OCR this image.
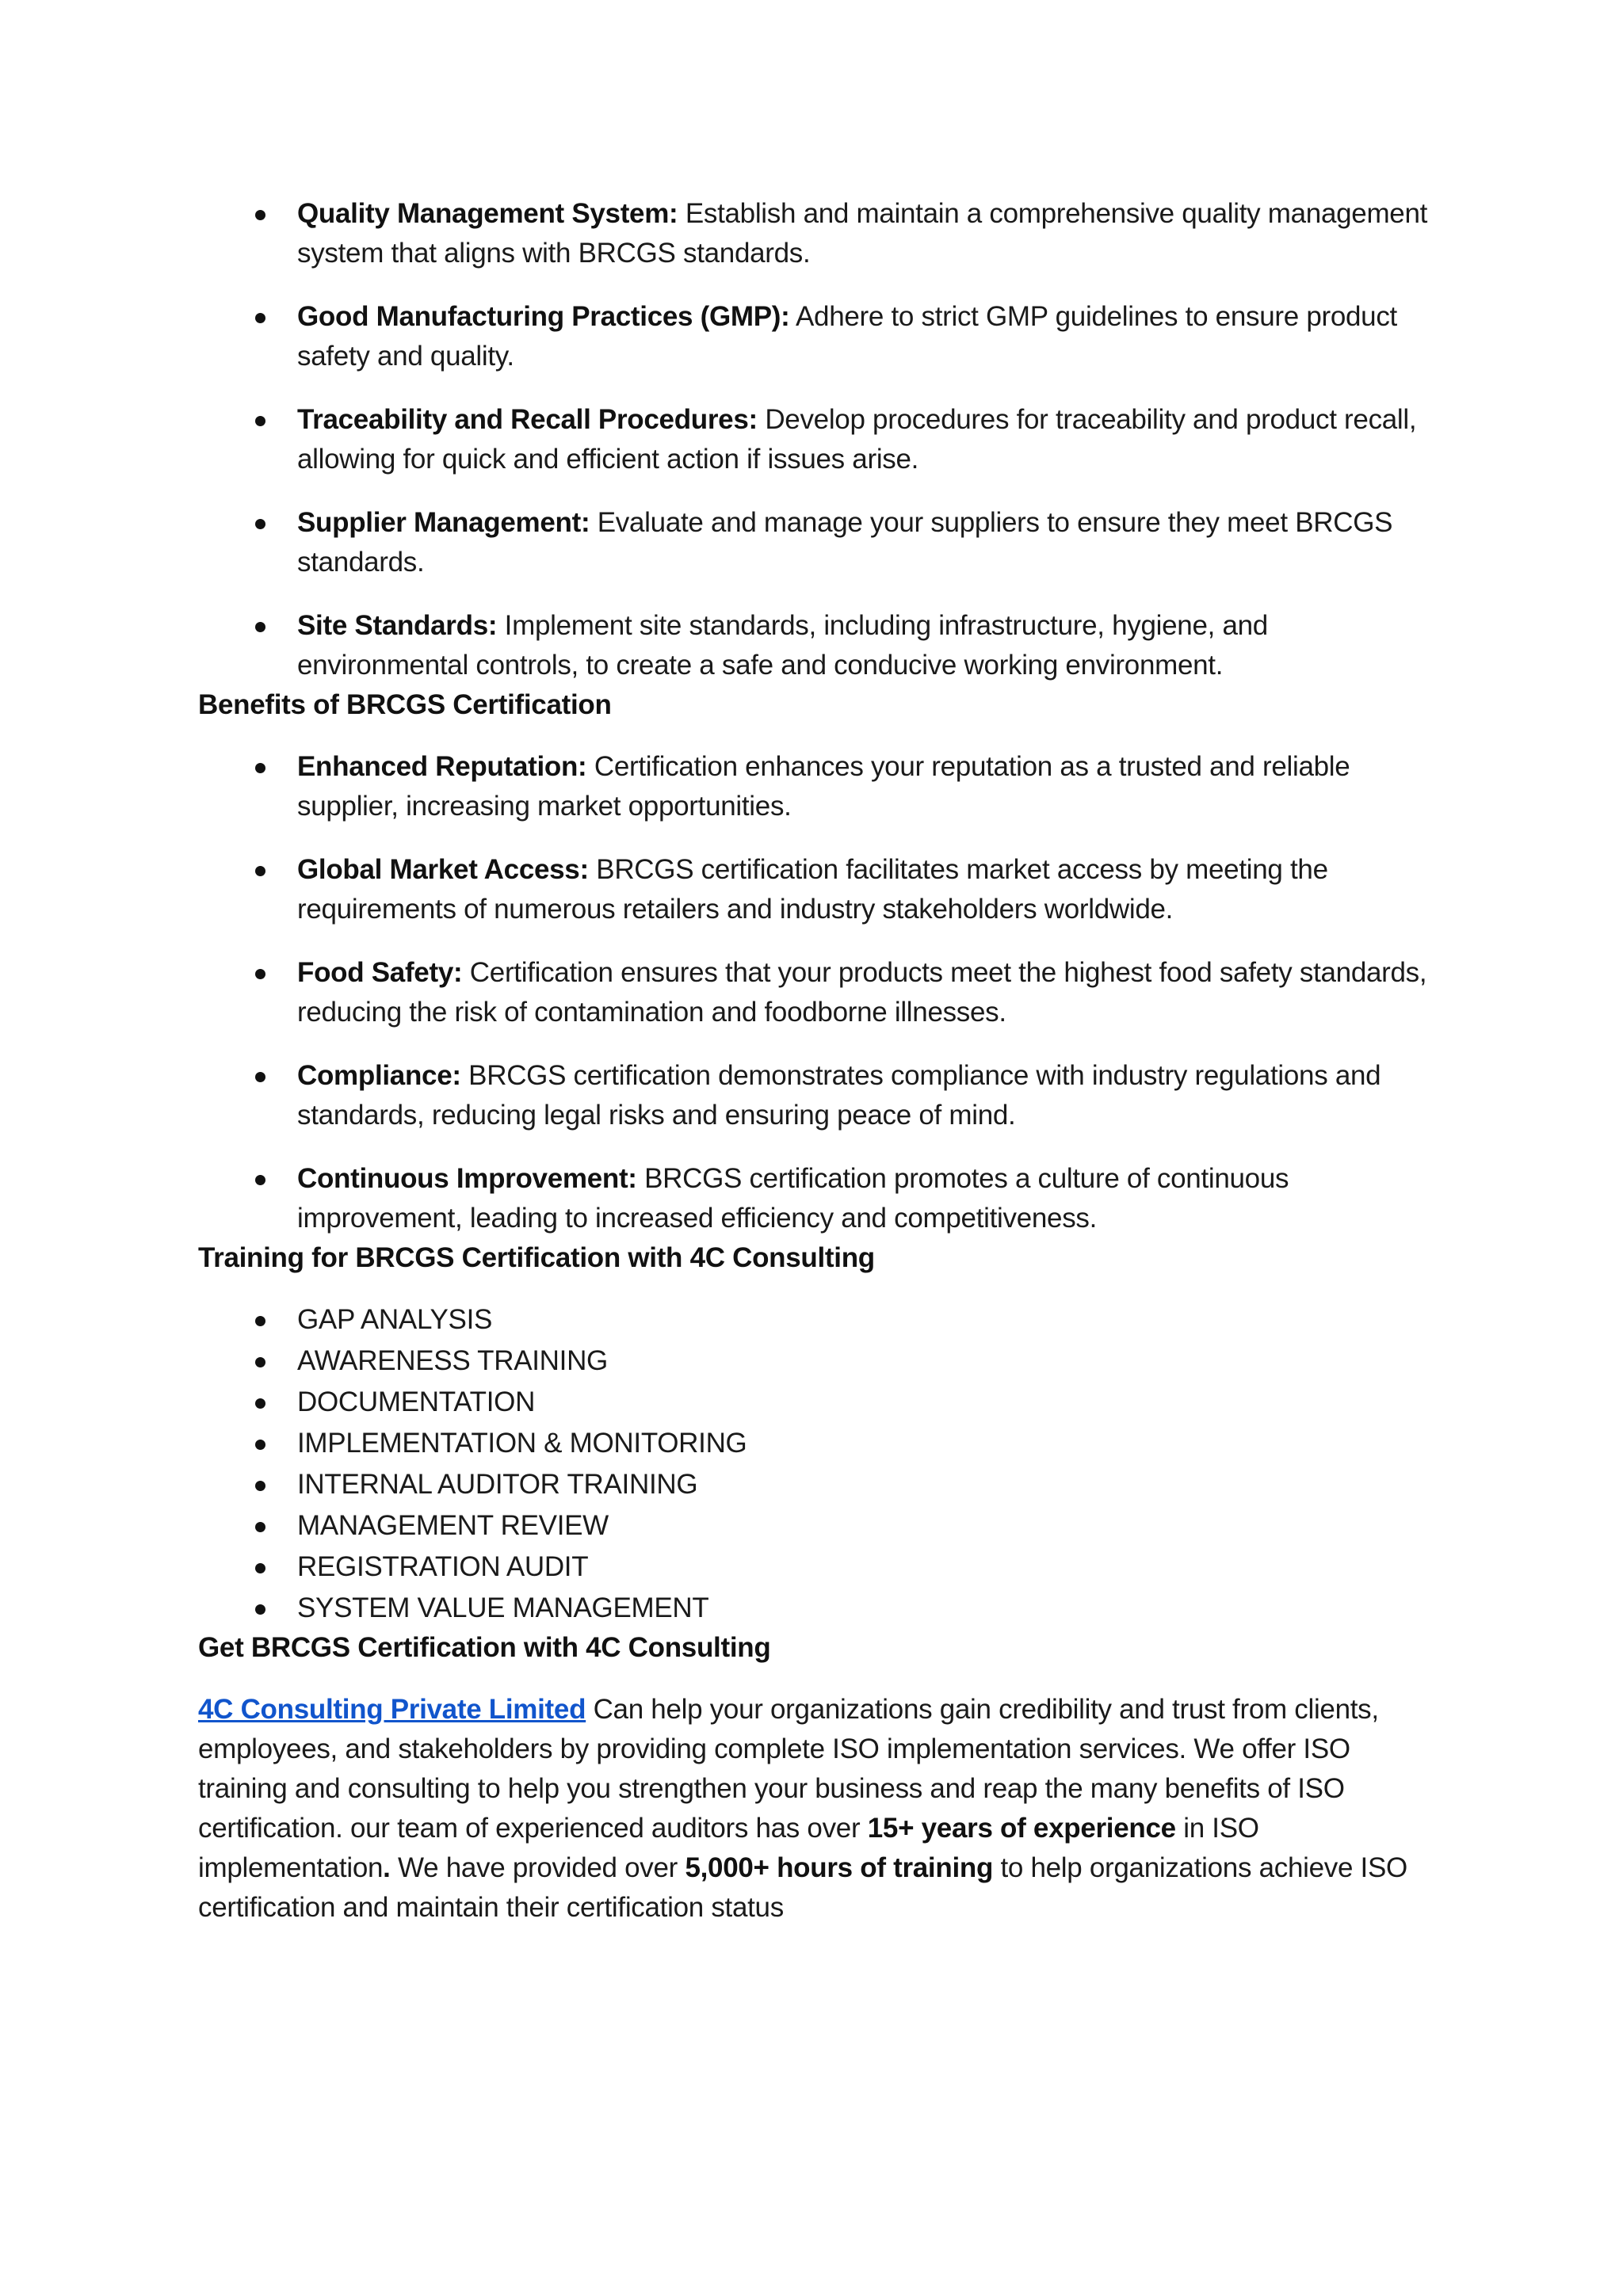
Quality Management System: Establish and maintain a comprehensive quality management system that aligns with BRCGS standards.
Good Manufacturing Practices (GMP): Adhere to strict GMP guidelines to ensure product safety and quality.
Traceability and Recall Procedures: Develop procedures for traceability and product recall, allowing for quick and efficient action if issues arise.
Supplier Management: Evaluate and manage your suppliers to ensure they meet BRCGS standards.
Site Standards: Implement site standards, including infrastructure, hygiene, and environmental controls, to create a safe and conducive working environment.
Benefits of BRCGS Certification
Enhanced Reputation: Certification enhances your reputation as a trusted and reliable supplier, increasing market opportunities.
Global Market Access: BRCGS certification facilitates market access by meeting the requirements of numerous retailers and industry stakeholders worldwide.
Food Safety: Certification ensures that your products meet the highest food safety standards, reducing the risk of contamination and foodborne illnesses.
Compliance: BRCGS certification demonstrates compliance with industry regulations and standards, reducing legal risks and ensuring peace of mind.
Continuous Improvement: BRCGS certification promotes a culture of continuous improvement, leading to increased efficiency and competitiveness.
Training for BRCGS Certification with 4C Consulting
GAP ANALYSIS
AWARENESS TRAINING
DOCUMENTATION
IMPLEMENTATION & MONITORING
INTERNAL AUDITOR TRAINING
MANAGEMENT REVIEW
REGISTRATION AUDIT
SYSTEM VALUE MANAGEMENT
Get BRCGS Certification with 4C Consulting

4C Consulting Private Limited Can help your organizations gain credibility and trust from clients, employees, and stakeholders by providing complete ISO implementation services. We offer ISO training and consulting to help you strengthen your business and reap the many benefits of ISO certification. our team of experienced auditors has over 15+ years of experience in ISO implementation. We have provided over 5,000+ hours of training to help organizations achieve ISO certification and maintain their certification status
